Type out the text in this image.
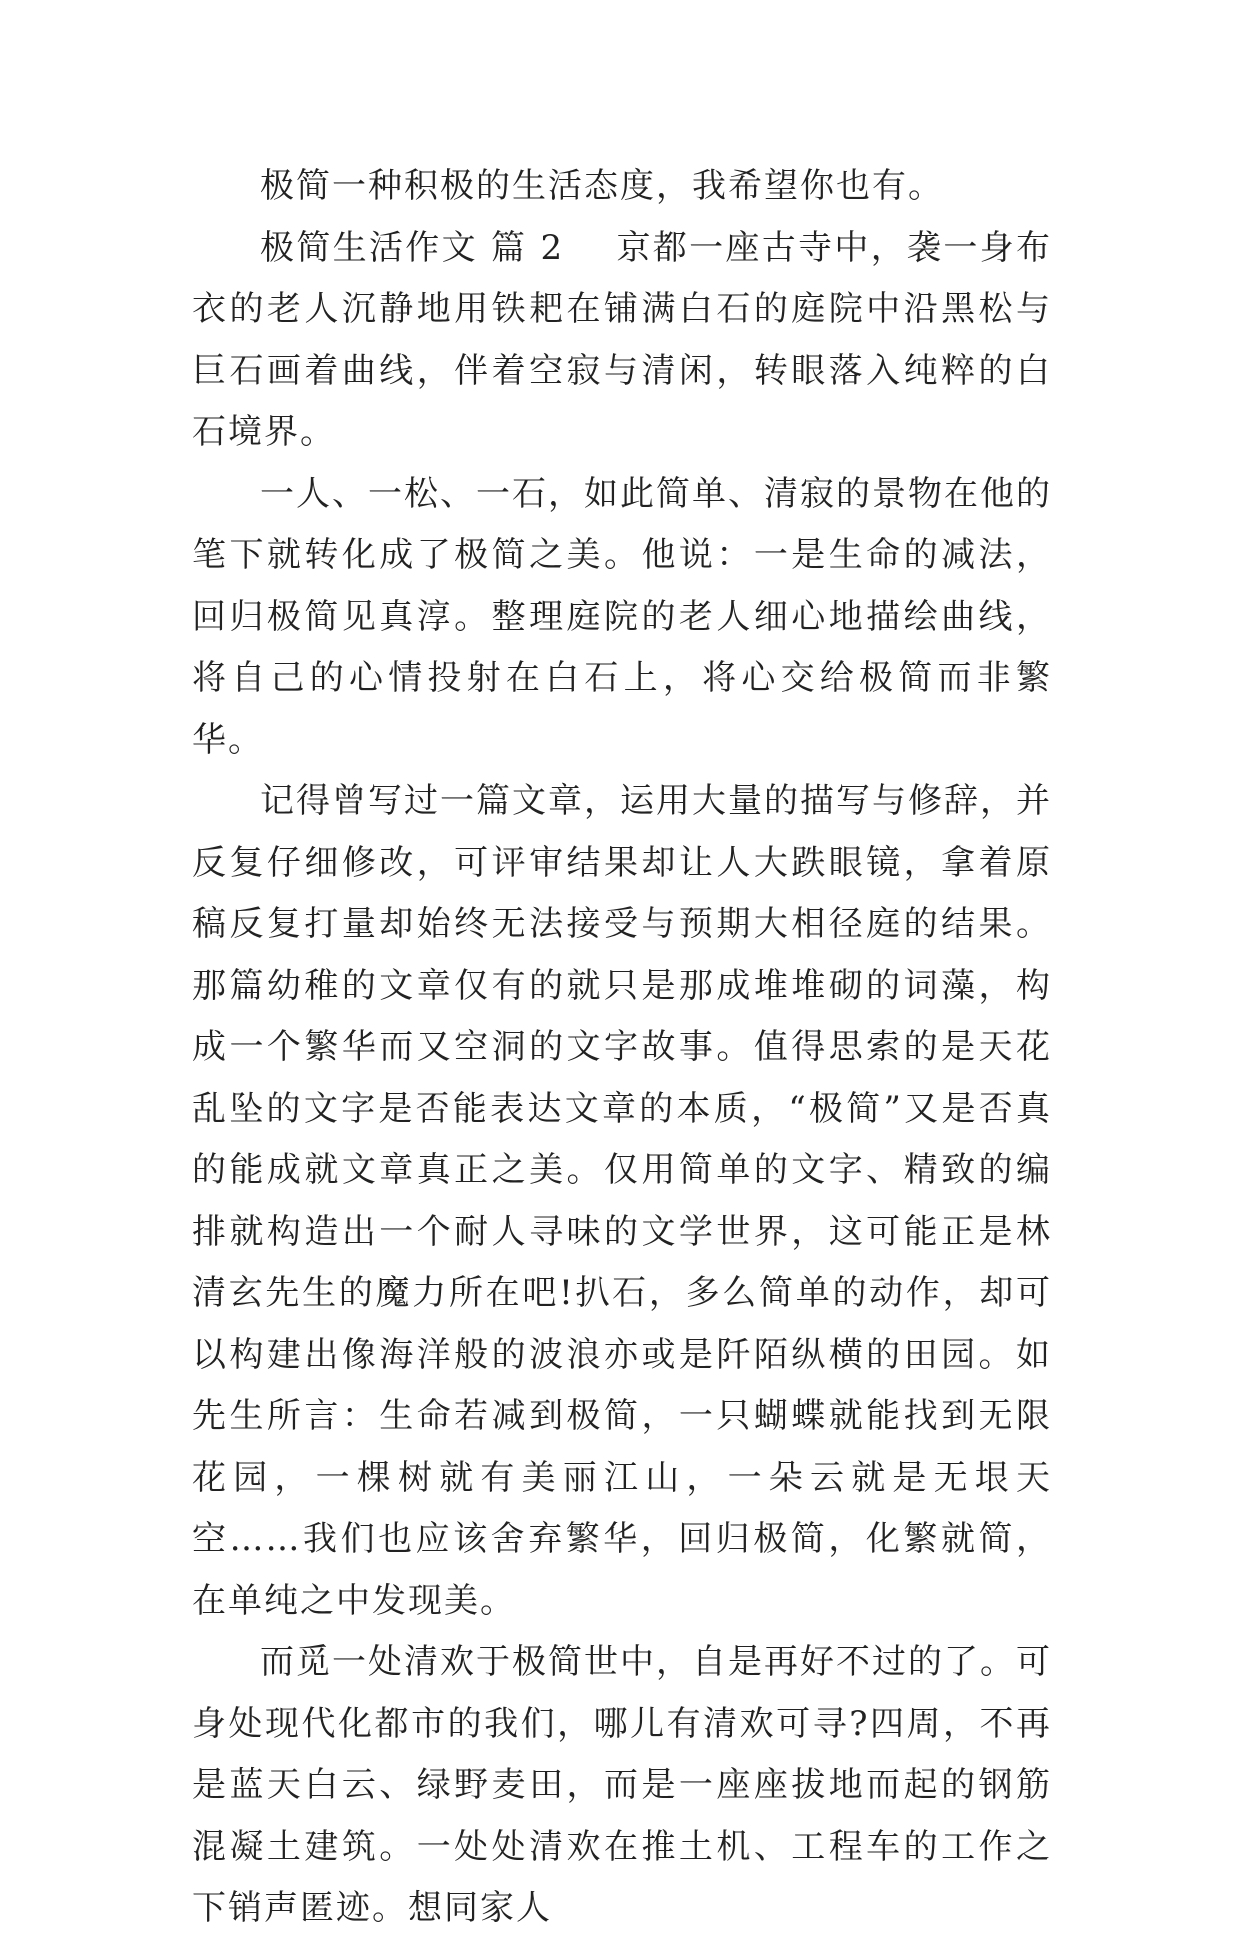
极简一种积极的生活态度，我希望你也有。

极简生活作文 篇 2 京都一座古寺中，袭一身布衣的老人沉静地用铁耙在铺满白石的庭院中沿黑松与巨石画着曲线，伴着空寂与清闲，转眼落入纯粹的白石境界。

一人、一松、一石，如此简单、清寂的景物在他的笔下就转化成了极简之美。他说：一是生命的减法，回归极简见真淳。整理庭院的老人细心地描绘曲线，将自己的心情投射在白石上，将心交给极简而非繁华。

记得曾写过一篇文章，运用大量的描写与修辞，并反复仔细修改，可评审结果却让人大跌眼镜，拿着原稿反复打量却始终无法接受与预期大相径庭的结果。那篇幼稚的文章仅有的就只是那成堆堆砌的词藻，构成一个繁华而又空洞的文字故事。值得思索的是天花乱坠的文字是否能表达文章的本质，“极简”又是否真的能成就文章真正之美。仅用简单的文字、精致的编排就构造出一个耐人寻味的文学世界，这可能正是林清玄先生的魔力所在吧!扒石，多么简单的动作，却可以构建出像海洋般的波浪亦或是阡陌纵横的田园。如先生所言：生命若减到极简，一只蝴蝶就能找到无限花园，一棵树就有美丽江山，一朵云就是无垠天空……我们也应该舍弃繁华，回归极简，化繁就简，在单纯之中发现美。

而觅一处清欢于极简世中，自是再好不过的了。可身处现代化都市的我们，哪儿有清欢可寻?四周，不再是蓝天白云、绿野麦田，而是一座座拔地而起的钢筋混凝土建筑。一处处清欢在推土机、工程车的工作之下销声匿迹。想同家人
